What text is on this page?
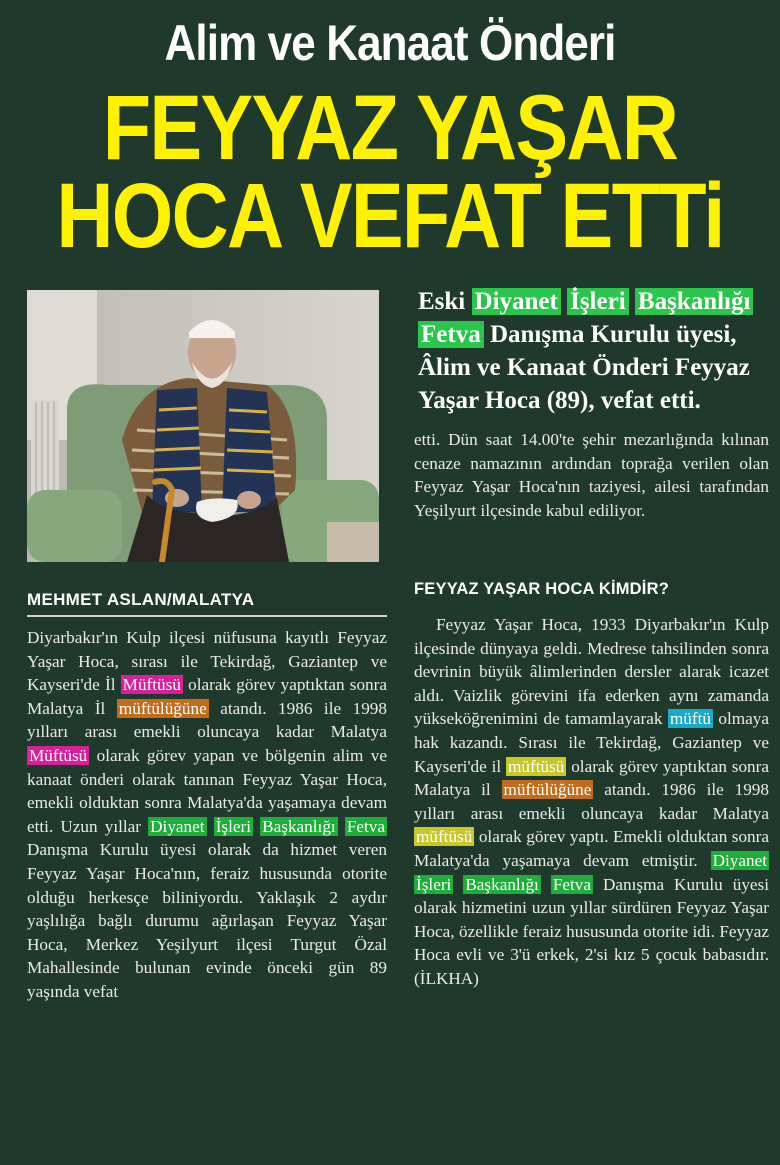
Alim ve Kanaat Önderi
FEYYAZ YAŞAR
HOCA VEFAT ETTi
Eski Diyanet İşleri Başkanlığı Fetva Danışma Kurulu üyesi, Âlim ve Kanaat Önderi Feyyaz Yaşar Hoca (89), vefat etti.
MEHMET ASLAN/MALATYA
Diyarbakır'ın Kulp ilçesi nüfusuna kayıtlı Feyyaz Yaşar Hoca, sırası ile Tekirdağ, Gaziantep ve Kayseri'de İl Müftüsü olarak görev yaptıktan sonra Malatya İl müftülüğüne atandı. 1986 ile 1998 yılları arası emekli oluncaya kadar Malatya Müftüsü olarak görev yapan ve bölgenin alim ve kanaat önderi olarak tanınan Feyyaz Yaşar Hoca, emekli olduktan sonra Malatya'da yaşamaya devam etti. Uzun yıllar Diyanet İşleri Başkanlığı Fetva Danışma Kurulu üyesi olarak da hizmet veren Feyyaz Yaşar Hoca'nın, feraiz hususunda otorite olduğu herkesçe biliniyordu. Yaklaşık 2 aydır yaşlılığa bağlı durumu ağırlaşan Feyyaz Yaşar Hoca, Merkez Yeşilyurt ilçesi Turgut Özal Mahallesinde bulunan evinde önceki gün 89 yaşında vefat
etti. Dün saat 14.00'te şehir mezarlığında kılınan cenaze namazının ardından toprağa verilen olan Feyyaz Yaşar Hoca'nın taziyesi, ailesi tarafından Yeşilyurt ilçesinde kabul ediliyor.
FEYYAZ YAŞAR HOCA KİMDİR?
Feyyaz Yaşar Hoca, 1933 Diyarbakır'ın Kulp ilçesinde dünyaya geldi. Medrese tahsilinden sonra devrinin büyük âlimlerinden dersler alarak icazet aldı. Vaizlik görevini ifa ederken aynı zamanda yükseköğrenimini de tamamlayarak müftü olmaya hak kazandı. Sırası ile Tekirdağ, Gaziantep ve Kayseri'de il müftüsü olarak görev yaptıktan sonra Malatya il müftülüğüne atandı. 1986 ile 1998 yılları arası emekli oluncaya kadar Malatya müftüsü olarak görev yaptı. Emekli olduktan sonra Malatya'da yaşamaya devam etmiştir. Diyanet İşleri Başkanlığı Fetva Danışma Kurulu üyesi olarak hizmetini uzun yıllar sürdüren Feyyaz Yaşar Hoca, özellikle feraiz hususunda otorite idi. Feyyaz Hoca evli ve 3'ü erkek, 2'si kız 5 çocuk babasıdır. (İLKHA)
